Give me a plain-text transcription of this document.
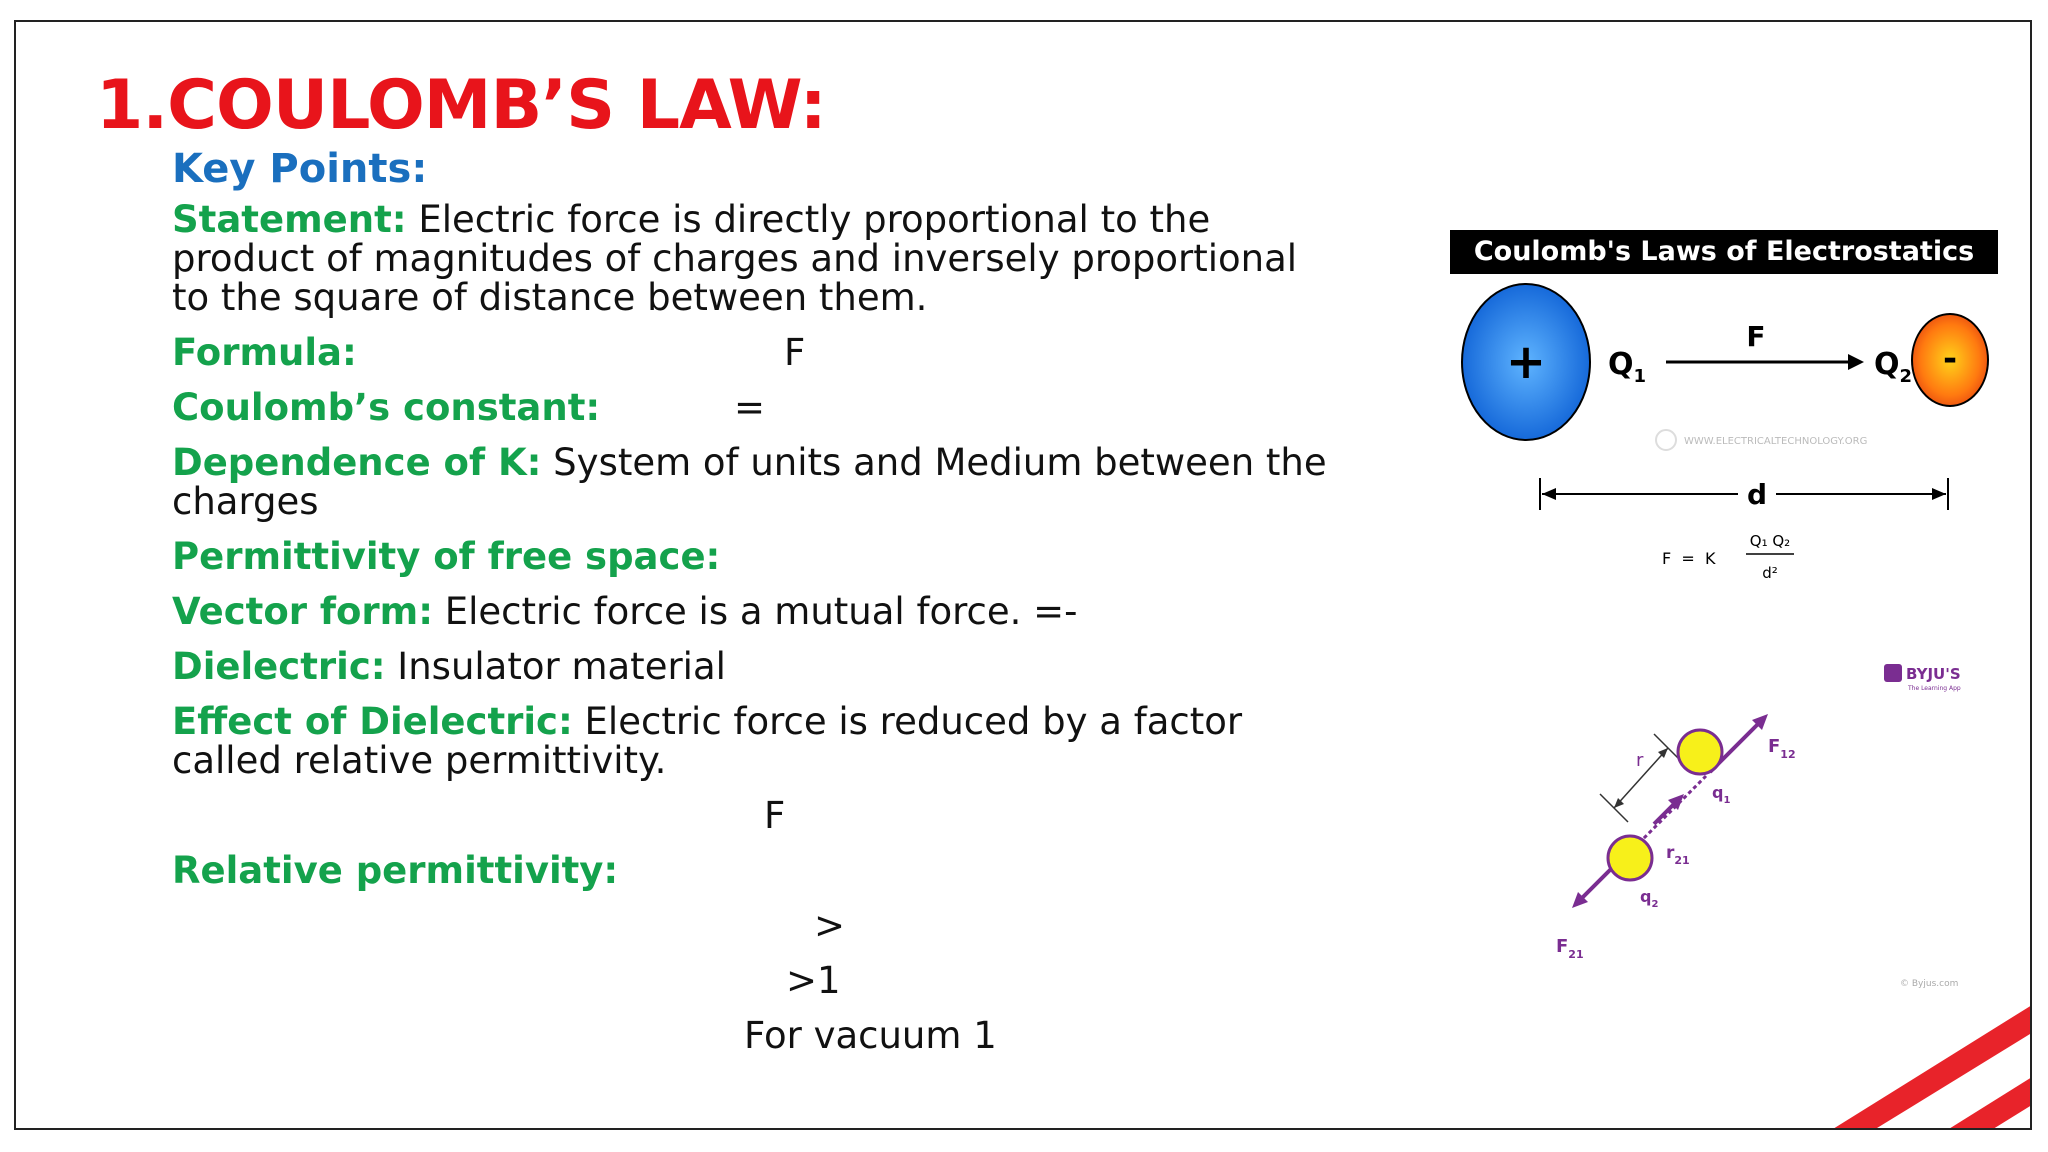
1.COULOMB’S LAW:
Key Points:
Statement: Electric force is directly proportional to the product of magnitudes of charges and inversely proportional to the square of distance between them.
Formula:	F
Coulomb’s constant:	=
Dependence of K: System of units and Medium between the charges
Permittivity of free space:
Vector form: Electric force is a mutual force. =-
Dielectric: Insulator material
Effect of Dielectric: Electric force is reduced by a factor called relative permittivity.
F
Relative permittivity:
>
>1
For vacuum 1
Coulomb's Laws of Electrostatics
+	-
$Q_1$
F
$Q_2$
WWW.ELECTRICALTECHNOLOGY.ORG
d
F  =  K
Q₁ Q₂
d²
BYJU'S
The Learning App
r
$F_{12}$
$r_{21}$
$F_{21}$
$q_1$
$q_2$
© Byjus.com
